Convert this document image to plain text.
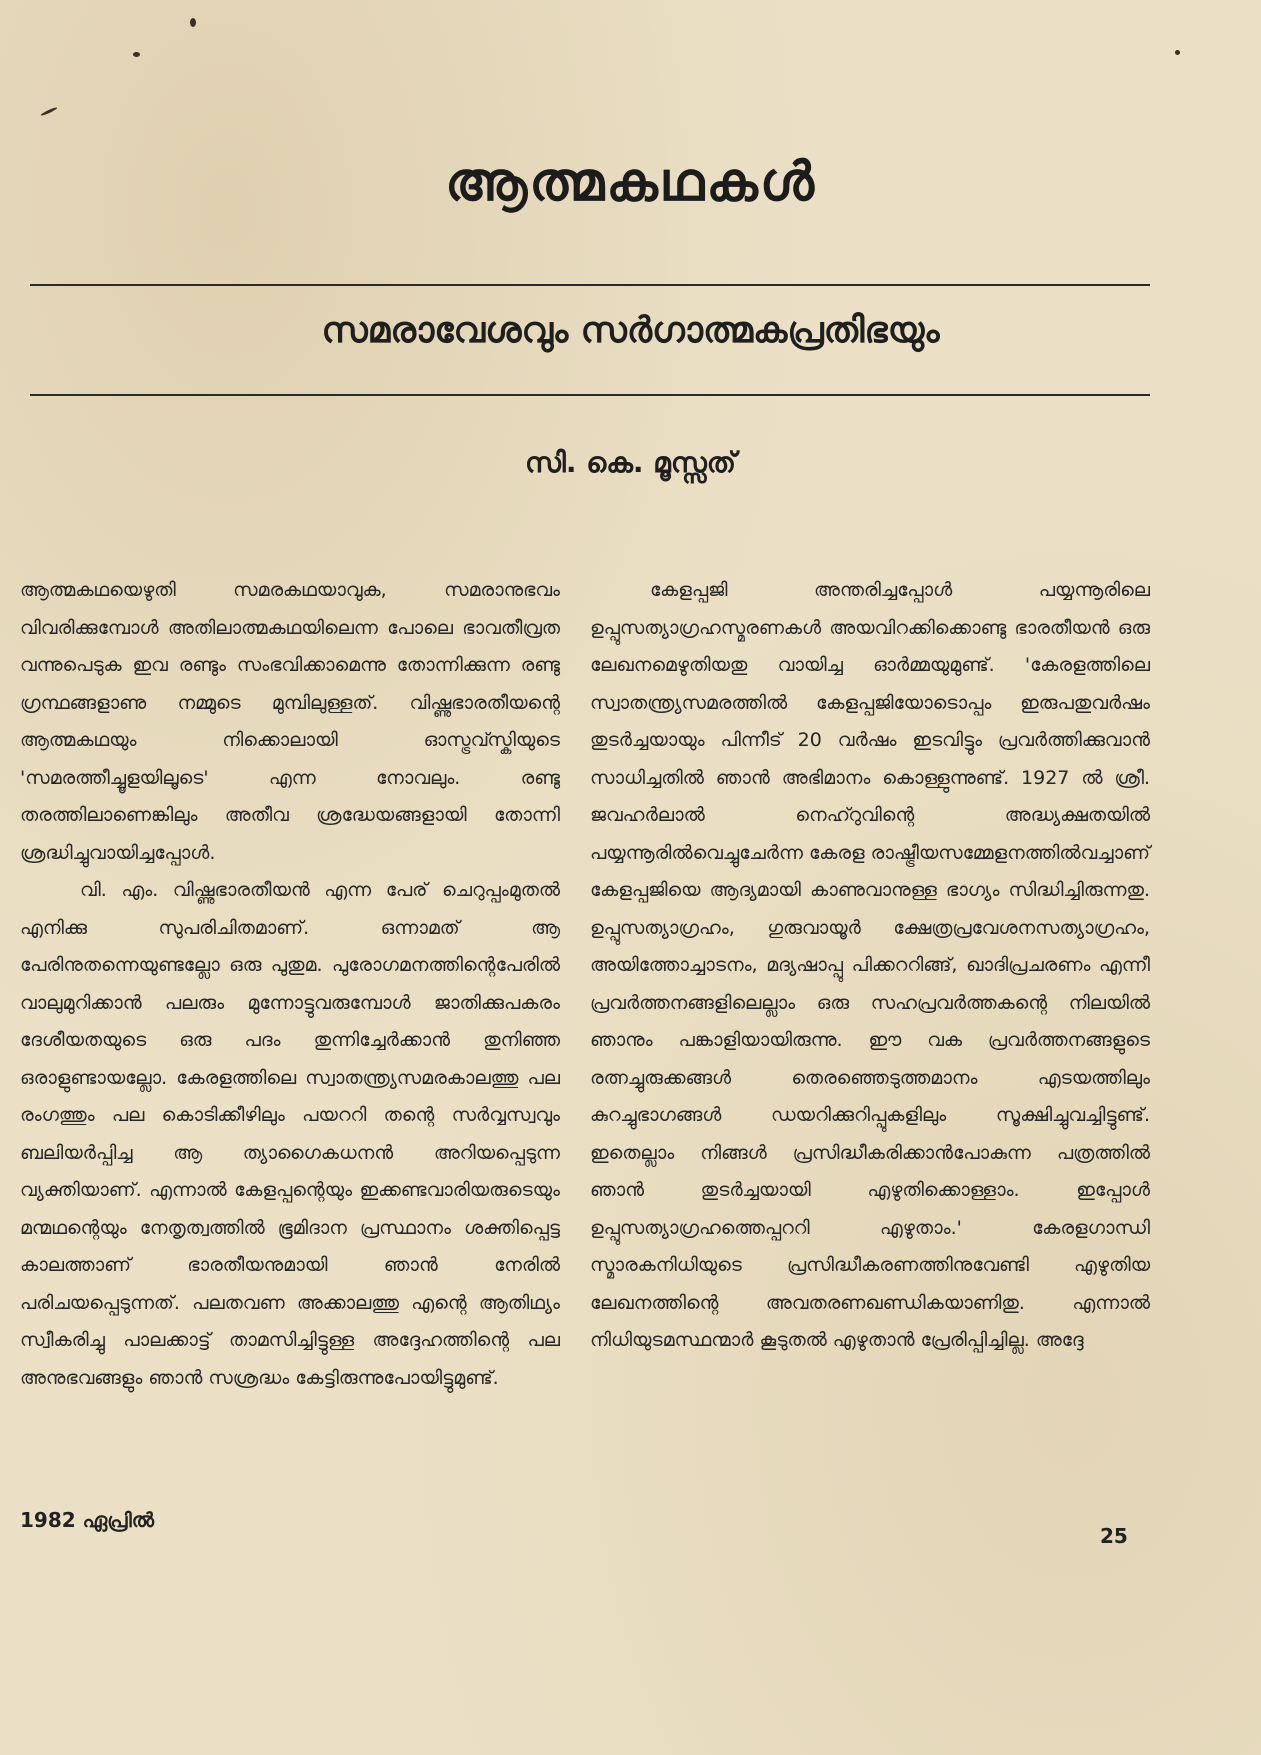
ആത്മകഥകൾ
സമരാവേശവും സർഗാത്മകപ്രതിഭയും
സി. കെ. മൂസ്സത്

ആത്മകഥയെഴുതി സമരകഥയാവുക, സമരാനുഭവം വിവരിക്കുമ്പോൾ അതിലാത്മകഥയിലെന്ന പോലെ ഭാവതീവ്രത വന്നുപെടുക ഇവ രണ്ടും സംഭവിക്കാമെന്നു തോന്നിക്കുന്ന രണ്ടു ഗ്രന്ഥങ്ങളാണു നമ്മുടെ മുമ്പിലുള്ളത്. വിഷ്ണുഭാരതീയന്റെ ആത്മകഥയും നിക്കൊലായി ഓസ്ട്രവ്സ്കിയുടെ 'സമരത്തീച്ചൂളയിലൂടെ' എന്ന നോവലും. രണ്ടു തരത്തിലാണെങ്കിലും അതീവ ശ്രദ്ധേയങ്ങളായി തോന്നി ശ്രദ്ധിച്ചുവായിച്ചപ്പോൾ.

വി. എം. വിഷ്ണുഭാരതീയൻ എന്ന പേര് ചെറുപ്പംമുതൽ എനിക്കു സുപരിചിതമാണ്. ഒന്നാമത് ആ പേരിനുതന്നെയുണ്ടല്ലോ ഒരു പുതുമ. പുരോഗമനത്തിന്റെപേരിൽ വാലുമുറിക്കാൻ പലരും മുന്നോട്ടുവരുമ്പോൾ ജാതിക്കുപകരം ദേശീയതയുടെ ഒരു പദം തുന്നിച്ചേർക്കാൻ തുനിഞ്ഞ ഒരാളുണ്ടായല്ലോ. കേരളത്തിലെ സ്വാതന്ത്ര്യസമരകാലത്തു പല രംഗത്തും പല കൊടിക്കീഴിലും പയററി തന്റെ സർവ്വസ്വവും ബലിയർപ്പിച്ച ആ ത്യാഗൈകധനൻ അറിയപ്പെടുന്ന വ്യക്തിയാണ്. എന്നാൽ കേളപ്പന്റെയും ഇക്കണ്ടവാരിയരുടെയും മന്മഥന്റെയും നേതൃത്വത്തിൽ ഭൂമിദാന പ്രസ്ഥാനം ശക്തിപ്പെട്ട കാലത്താണ് ഭാരതീയനുമായി ഞാൻ നേരിൽ പരിചയപ്പെടുന്നത്. പലതവണ അക്കാലത്തു എന്റെ ആതിഥ്യം സ്വീകരിച്ചു പാലക്കാട്ട് താമസിച്ചിട്ടുള്ള അദ്ദേഹത്തിന്റെ പല അനുഭവങ്ങളും ഞാൻ സശ്രദ്ധം കേട്ടിരുന്നുപോയിട്ടുമുണ്ട്.

കേളപ്പജി അന്തരിച്ചപ്പോൾ പയ്യന്നൂരിലെ ഉപ്പുസത്യാഗ്രഹസ്മരണകൾ അയവിറക്കിക്കൊണ്ടു ഭാരതീയൻ ഒരു ലേഖനമെഴുതിയതു വായിച്ച ഓർമ്മയുമുണ്ട്. 'കേരളത്തിലെ സ്വാതന്ത്ര്യസമരത്തിൽ കേളപ്പജിയോടൊപ്പം ഇരുപതുവർഷം തുടർച്ചയായും പിന്നീട് 20 വർഷം ഇടവിട്ടും പ്രവർത്തിക്കുവാൻ സാധിച്ചതിൽ ഞാൻ അഭിമാനം കൊള്ളുന്നുണ്ട്. 1927 ൽ ശ്രീ. ജവഹർലാൽ നെഹ്റുവിന്റെ അദ്ധ്യക്ഷതയിൽ പയ്യന്നൂരിൽവെച്ചുചേർന്ന കേരള രാഷ്ട്രീയസമ്മേളനത്തിൽവച്ചാണ് കേളപ്പജിയെ ആദ്യമായി കാണുവാനുള്ള ഭാഗ്യം സിദ്ധിച്ചിരുന്നതു. ഉപ്പുസത്യാഗ്രഹം, ഗുരുവായൂർ ക്ഷേത്രപ്രവേശനസത്യാഗ്രഹം, അയിത്തോച്ചാടനം, മദ്യഷാപ്പു പിക്കററിങ്ങ്, ഖാദിപ്രചരണം എന്നീ പ്രവർത്തനങ്ങളിലെല്ലാം ഒരു സഹപ്രവർത്തകന്റെ നിലയിൽ ഞാനും പങ്കാളിയായിരുന്നു. ഈ വക പ്രവർത്തനങ്ങളുടെ രത്നച്ചുരുക്കങ്ങൾ തെരഞ്ഞെടുത്തമാനം എടയത്തിലും കുറച്ചുഭാഗങ്ങൾ ഡയറിക്കുറിപ്പുകളിലും സൂക്ഷിച്ചുവച്ചിട്ടുണ്ട്. ഇതെല്ലാം നിങ്ങൾ പ്രസിദ്ധീകരിക്കാൻപോകുന്ന പത്രത്തിൽ ഞാൻ തുടർച്ചയായി എഴുതിക്കൊള്ളാം. ഇപ്പോൾ ഉപ്പുസത്യാഗ്രഹത്തെപ്പററി എഴുതാം.' കേരളഗാന്ധി സ്മാരകനിധിയുടെ പ്രസിദ്ധീകരണത്തിനുവേണ്ടി എഴുതിയ ലേഖനത്തിന്റെ അവതരണഖണ്ഡികയാണിതു. എന്നാൽ നിധിയുടമസ്ഥന്മാർ കൂടുതൽ എഴുതാൻ പ്രേരിപ്പിച്ചില്ല. അദ്ദേ

1982 ഏപ്രിൽ
25
